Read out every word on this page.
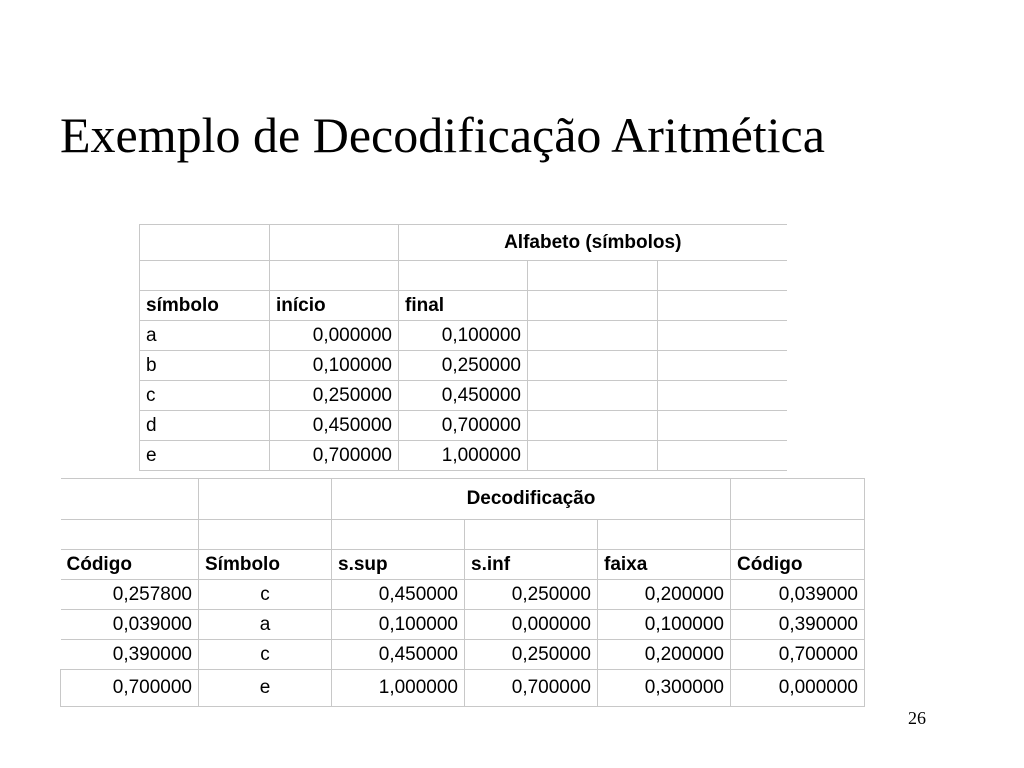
Exemplo de Decodificação Aritmética
		Alfabeto (símbolos)		

símbolo	início	final		
a	0,000000	0,100000		
b	0,100000	0,250000		
c	0,250000	0,450000		
d	0,450000	0,700000		
e	0,700000	1,000000		
		Decodificação			

Código	Símbolo	s.sup	s.inf	faixa	Código
0,257800	c	0,450000	0,250000	0,200000	0,039000
0,039000	a	0,100000	0,000000	0,100000	0,390000
0,390000	c	0,450000	0,250000	0,200000	0,700000
0,700000	e	1,000000	0,700000	0,300000	0,000000
26
